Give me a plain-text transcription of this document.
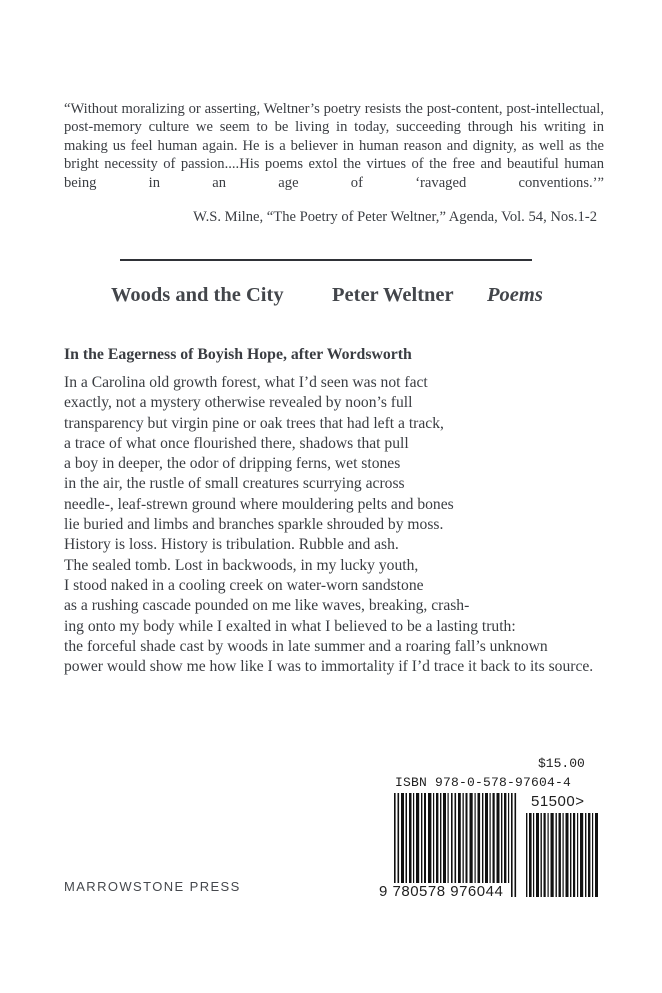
“Without moralizing or asserting, Weltner’s poetry resists the post-content, post-intellectual, post-memory culture we seem to be living in today, succeeding through his writing in making us feel human again. He is a believer in human reason and dignity, as well as the bright necessity of passion....His poems extol the virtues of the free and beautiful human being in an age of ‘ravaged conventions.’”

W.S. Milne, “The Poetry of Peter Weltner,” Agenda, Vol. 54, Nos.1-2
Woods and the City Peter Weltner Poems
In the Eagerness of Boyish Hope, after Wordsworth
In a Carolina old growth forest, what I’d seen was not fact
exactly, not a mystery otherwise revealed by noon’s full
transparency but virgin pine or oak trees that had left a track,
a trace of what once flourished there, shadows that pull
a boy in deeper, the odor of dripping ferns, wet stones
in the air, the rustle of small creatures scurrying across
needle-, leaf-strewn ground where mouldering pelts and bones
lie buried and limbs and branches sparkle shrouded by moss.
History is loss. History is tribulation. Rubble and ash.
The sealed tomb. Lost in backwoods, in my lucky youth,
I stood naked in a cooling creek on water-worn sandstone
as a rushing cascade pounded on me like waves, breaking, crash-
ing onto my body while I exalted in what I believed to be a lasting truth:
the forceful shade cast by woods in late summer and a roaring fall’s unknown
power would show me how like I was to immortality if I’d trace it back to its source.
$15.00
ISBN 978-0-578-97604-4
51500>
9 780578 976044
MARROWSTONE PRESS
